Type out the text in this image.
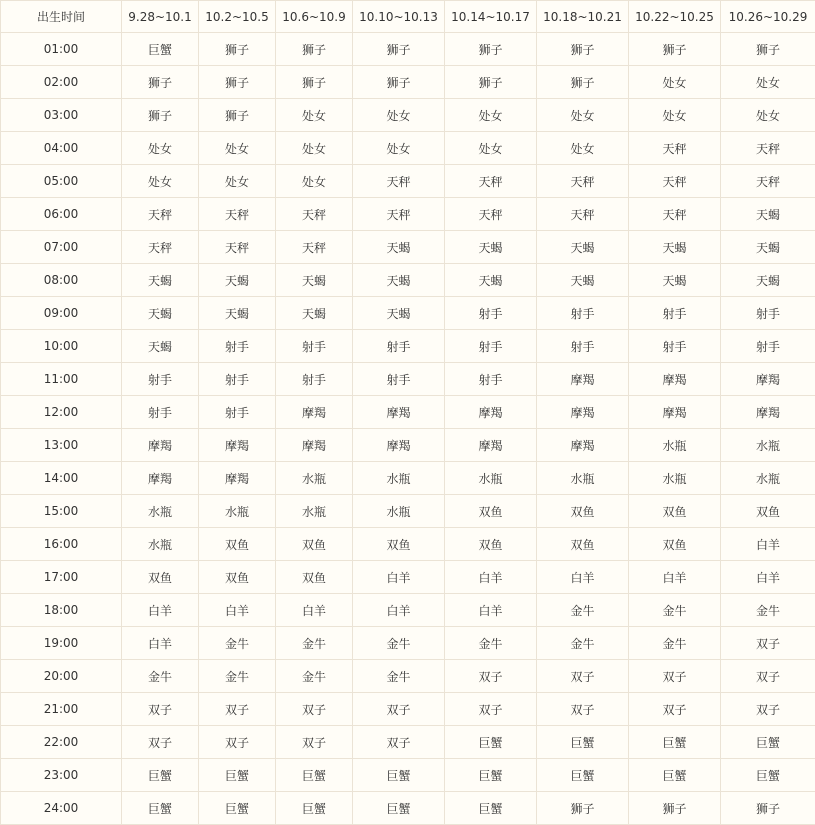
出生时间	9.28~10.1	10.2~10.5	10.6~10.9	10.10~10.13	10.14~10.17	10.18~10.21	10.22~10.25	10.26~10.29
01:00	巨蟹	狮子	狮子	狮子	狮子	狮子	狮子	狮子
02:00	狮子	狮子	狮子	狮子	狮子	狮子	处女	处女
03:00	狮子	狮子	处女	处女	处女	处女	处女	处女
04:00	处女	处女	处女	处女	处女	处女	天秤	天秤
05:00	处女	处女	处女	天秤	天秤	天秤	天秤	天秤
06:00	天秤	天秤	天秤	天秤	天秤	天秤	天秤	天蝎
07:00	天秤	天秤	天秤	天蝎	天蝎	天蝎	天蝎	天蝎
08:00	天蝎	天蝎	天蝎	天蝎	天蝎	天蝎	天蝎	天蝎
09:00	天蝎	天蝎	天蝎	天蝎	射手	射手	射手	射手
10:00	天蝎	射手	射手	射手	射手	射手	射手	射手
11:00	射手	射手	射手	射手	射手	摩羯	摩羯	摩羯
12:00	射手	射手	摩羯	摩羯	摩羯	摩羯	摩羯	摩羯
13:00	摩羯	摩羯	摩羯	摩羯	摩羯	摩羯	水瓶	水瓶
14:00	摩羯	摩羯	水瓶	水瓶	水瓶	水瓶	水瓶	水瓶
15:00	水瓶	水瓶	水瓶	水瓶	双鱼	双鱼	双鱼	双鱼
16:00	水瓶	双鱼	双鱼	双鱼	双鱼	双鱼	双鱼	白羊
17:00	双鱼	双鱼	双鱼	白羊	白羊	白羊	白羊	白羊
18:00	白羊	白羊	白羊	白羊	白羊	金牛	金牛	金牛
19:00	白羊	金牛	金牛	金牛	金牛	金牛	金牛	双子
20:00	金牛	金牛	金牛	金牛	双子	双子	双子	双子
21:00	双子	双子	双子	双子	双子	双子	双子	双子
22:00	双子	双子	双子	双子	巨蟹	巨蟹	巨蟹	巨蟹
23:00	巨蟹	巨蟹	巨蟹	巨蟹	巨蟹	巨蟹	巨蟹	巨蟹
24:00	巨蟹	巨蟹	巨蟹	巨蟹	巨蟹	狮子	狮子	狮子
